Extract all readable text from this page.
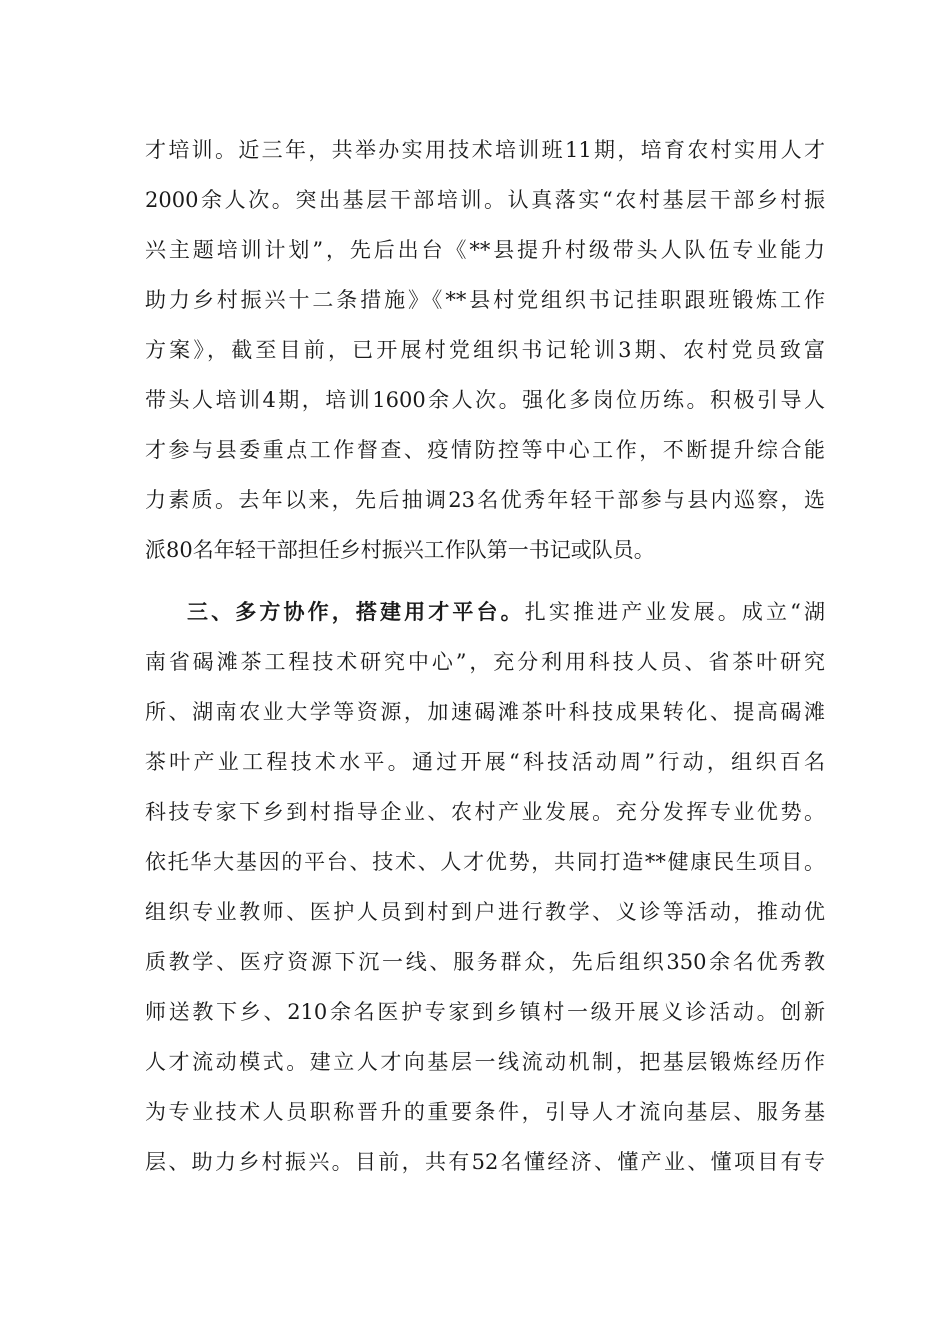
才培训。近三年，共举办实用技术培训班11期，培育农村实用人才
2000余人次。突出基层干部培训。认真落实“农村基层干部乡村振
兴主题培训计划”，先后出台《**县提升村级带头人队伍专业能力
助力乡村振兴十二条措施》《**县村党组织书记挂职跟班锻炼工作
方案》，截至目前，已开展村党组织书记轮训3期、农村党员致富
带头人培训4期，培训1600余人次。强化多岗位历练。积极引导人
才参与县委重点工作督查、疫情防控等中心工作，不断提升综合能
力素质。去年以来，先后抽调23名优秀年轻干部参与县内巡察，选
派80名年轻干部担任乡村振兴工作队第一书记或队员。
三、多方协作，搭建用才平台。扎实推进产业发展。成立“湖
南省碣滩茶工程技术研究中心”，充分利用科技人员、省茶叶研究
所、湖南农业大学等资源，加速碣滩茶叶科技成果转化、提高碣滩
茶叶产业工程技术水平。通过开展“科技活动周”行动，组织百名
科技专家下乡到村指导企业、农村产业发展。充分发挥专业优势。
依托华大基因的平台、技术、人才优势，共同打造**健康民生项目。
组织专业教师、医护人员到村到户进行教学、义诊等活动，推动优
质教学、医疗资源下沉一线、服务群众，先后组织350余名优秀教
师送教下乡、210余名医护专家到乡镇村一级开展义诊活动。创新
人才流动模式。建立人才向基层一线流动机制，把基层锻炼经历作
为专业技术人员职称晋升的重要条件，引导人才流向基层、服务基
层、助力乡村振兴。目前，共有52名懂经济、懂产业、懂项目有专
